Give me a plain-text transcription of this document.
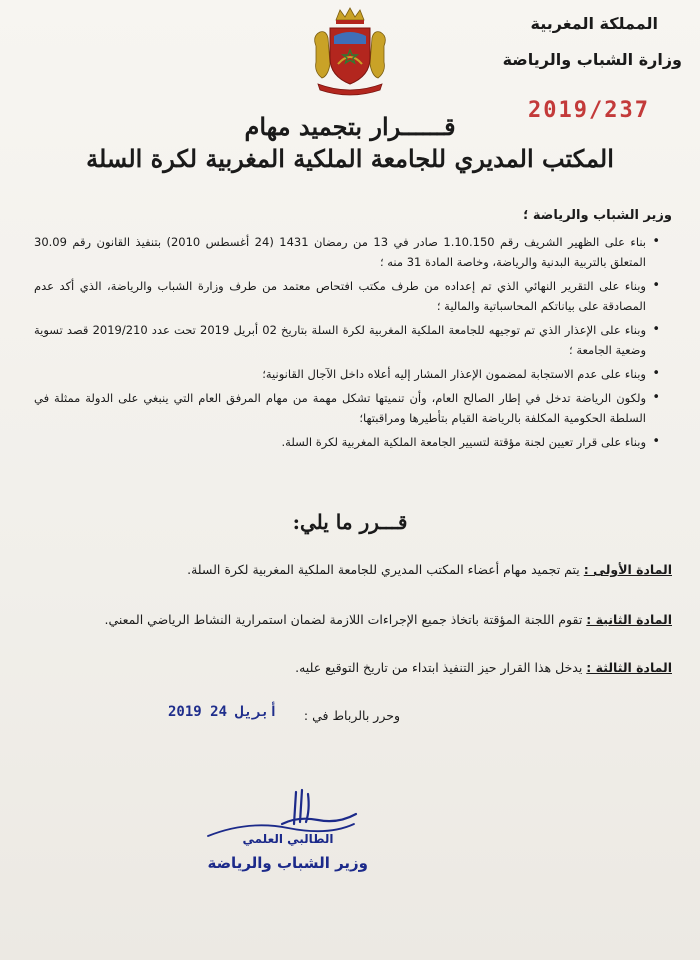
المملكة المغربية
وزارة الشباب والرياضة
2019/237
قــــــرار بتجميد مهام
المكتب المديري للجامعة الملكية المغربية لكرة السلة
وزير الشباب والرياضة ؛
• بناء على الظهير الشريف رقم 1.10.150 صادر في 13 من رمضان 1431 (24 أغسطس 2010) بتنفيذ القانون رقم 30.09 المتعلق بالتربية البدنية والرياضة، وخاصة المادة 31 منه ؛
• وبناء على التقرير النهائي الذي تم إعداده من طرف مكتب افتحاص معتمد من طرف وزارة الشباب والرياضة، الذي أكد عدم المصادقة على بياناتكم المحاسباتية والمالية ؛
• وبناء على الإعذار الذي تم توجيهه للجامعة الملكية المغربية لكرة السلة بتاريخ 02 أبريل 2019 تحت عدد 2019/210 قصد تسوية وضعية الجامعة ؛
• وبناء على عدم الاستجابة لمضمون الإعذار المشار إليه أعلاه داخل الآجال القانونية؛
• ولكون الرياضة تدخل في إطار الصالح العام، وأن تنميتها تشكل مهمة من مهام المرفق العام التي ينبغي على الدولة ممثلة في السلطة الحكومية المكلفة بالرياضة القيام بتأطيرها ومراقبتها؛
• وبناء على قرار تعيين لجنة مؤقتة لتسيير الجامعة الملكية المغربية لكرة السلة.
قـــرر ما يلي:
المادة الأولى : يتم تجميد مهام أعضاء المكتب المديري للجامعة الملكية المغربية لكرة السلة.
المادة الثانية : تقوم اللجنة المؤقتة باتخاذ جميع الإجراءات اللازمة لضمان استمرارية النشاط الرياضي المعني.
المادة الثالثة : يدخل هذا القرار حيز التنفيذ ابتداء من تاريخ التوقيع عليه.
وحرر بالرباط في :
2019 أبريل 24
الطالبي العلمي
وزير الشباب والرياضة
